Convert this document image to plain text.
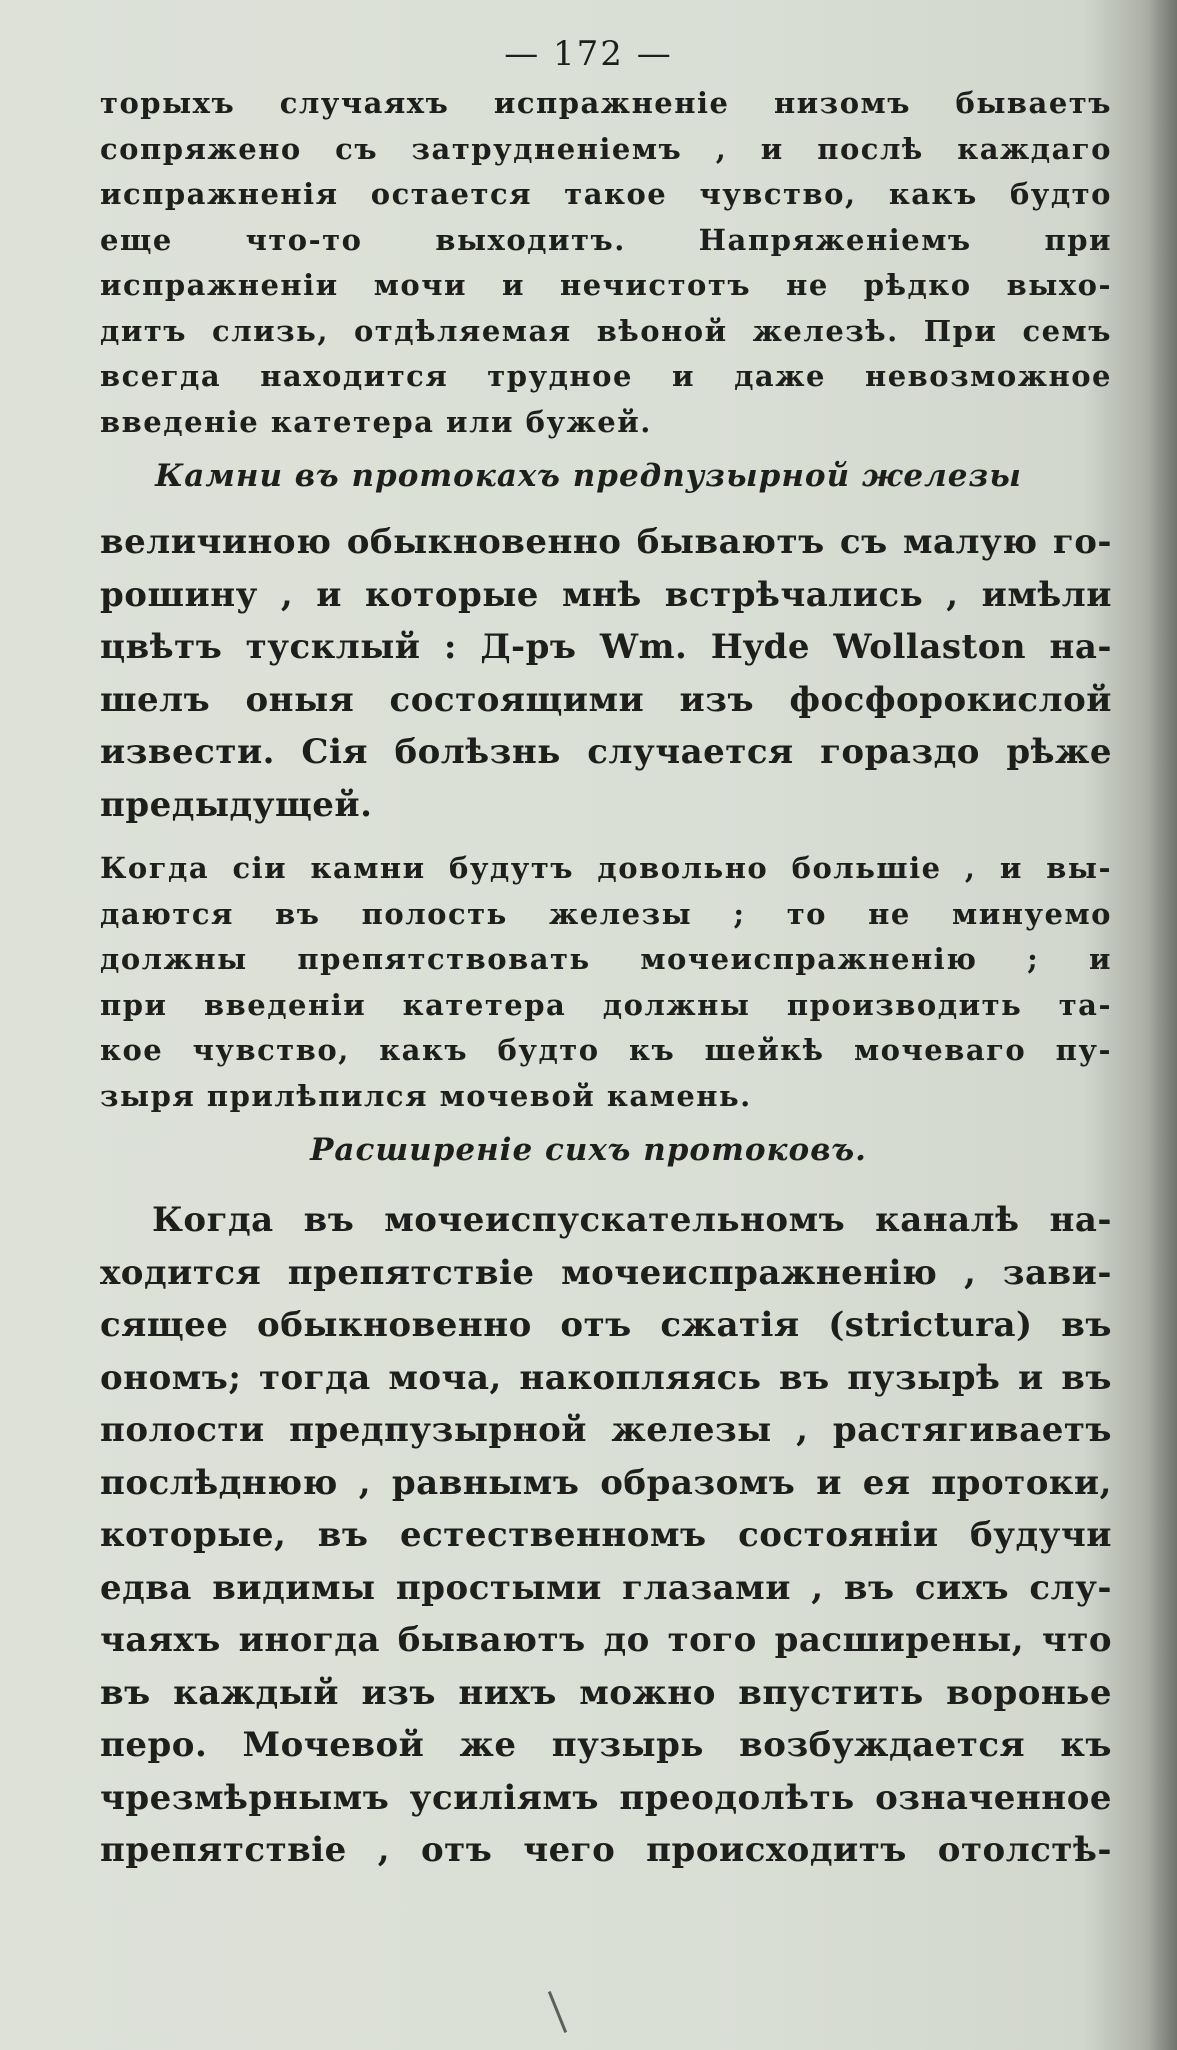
— 172 —
торыхъ случаяхъ испражненіе низомъ бываетъ
сопряжено съ затрудненіемъ , и послѣ каждаго
испражненія остается такое чувство, какъ будто
еще что-то выходитъ. Напряженіемъ при
испражненіи мочи и нечистотъ не рѣдко выхо-
дитъ слизь, отдѣляемая вѣоной железѣ. При семъ
всегда находится трудное и даже невозможное
введеніе катетера или бужей.
Камни въ протокахъ предпузырной железы
величиною обыкновенно бываютъ съ малую го-
рошину , и которые мнѣ встрѣчались , имѣли
цвѣтъ тусклый : Д-ръ Wm. Hyde Wollaston на-
шелъ оныя состоящими изъ фосфорокислой
извести. Сія болѣзнь случается гораздо рѣже
предыдущей.
Когда сіи камни будутъ довольно большіе , и вы-
даются въ полость железы ; то не минуемо
должны препятствовать мочеиспражненію ; и
при введеніи катетера должны производить та-
кое чувство, какъ будто къ шейкѣ мочеваго пу-
зыря прилѣпился мочевой камень.
Расширеніе сихъ протоковъ.
Когда въ мочеиспускательномъ каналѣ на-
ходится препятствіе мочеиспражненію , зави-
сящее обыкновенно отъ сжатія (strictura) въ
ономъ; тогда моча, накопляясь въ пузырѣ и въ
полости предпузырной железы , растягиваетъ
послѣднюю , равнымъ образомъ и ея протоки,
которые, въ естественномъ состояніи будучи
едва видимы простыми глазами , въ сихъ слу-
чаяхъ иногда бываютъ до того расширены, что
въ каждый изъ нихъ можно впустить воронье
перо. Мочевой же пузырь возбуждается къ
чрезмѣрнымъ усиліямъ преодолѣть означенное
препятствіе , отъ чего происходитъ отолстѣ-
